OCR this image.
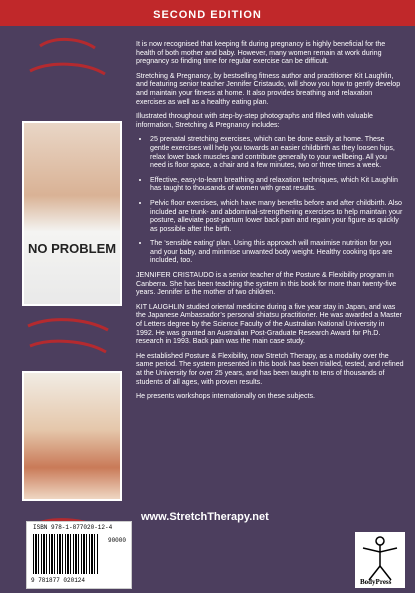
SECOND EDITION
NO PROBLEM

It is now recognised that keeping fit during pregnancy is highly beneficial for the health of both mother and baby. However, many women remain at work during pregnancy so finding time for regular exercise can be difficult.

Stretching & Pregnancy, by bestselling fitness author and practitioner Kit Laughlin, and featuring senior teacher Jennifer Cristaudo, will show you how to gently develop and maintain your fitness at home. It also provides breathing and relaxation exercises as well as a healthy eating plan.

Illustrated throughout with step-by-step photographs and filled with valuable information, Stretching & Pregnancy includes:

• 25 prenatal stretching exercises, which can be done easily at home. These gentle exercises will help you towards an easier childbirth as they loosen hips, relax lower back muscles and contribute generally to your wellbeing. All you need is floor space, a chair and a few minutes, two or three times a week.
• Effective, easy-to-learn breathing and relaxation techniques, which Kit Laughlin has taught to thousands of women with great results.
• Pelvic floor exercises, which have many benefits before and after childbirth. Also included are trunk- and abdominal-strengthening exercises to help maintain your posture, alleviate post-partum lower back pain and regain your figure as quickly as possible after the birth.
• The ‘sensible eating’ plan. Using this approach will maximise nutrition for you and your baby, and minimise unwanted body weight. Healthy cooking tips are included, too.

JENNIFER CRISTAUDO is a senior teacher of the Posture & Flexibility program in Canberra. She has been teaching the system in this book for more than twenty-five years. Jennifer is the mother of two children.

KIT LAUGHLIN studied oriental medicine during a five year stay in Japan, and was the Japanese Ambassador’s personal shiatsu practitioner. He was awarded a Master of Letters degree by the Science Faculty of the Australian National University in 1992. He was granted an Australian Post-Graduate Research Award for Ph.D. research in 1993. Back pain was the main case study.

He established Posture & Flexibility, now Stretch Therapy, as a modality over the same period. The system presented in this book has been trialled, tested, and refined at the University for over 25 years, and has been taught to tens of thousands of students of all ages, with proven results.

He presents workshops internationally on these subjects.

www.StretchTherapy.net
ISBN 978-1-877020-12-4
90000
9 781877 020124	BodyPress
